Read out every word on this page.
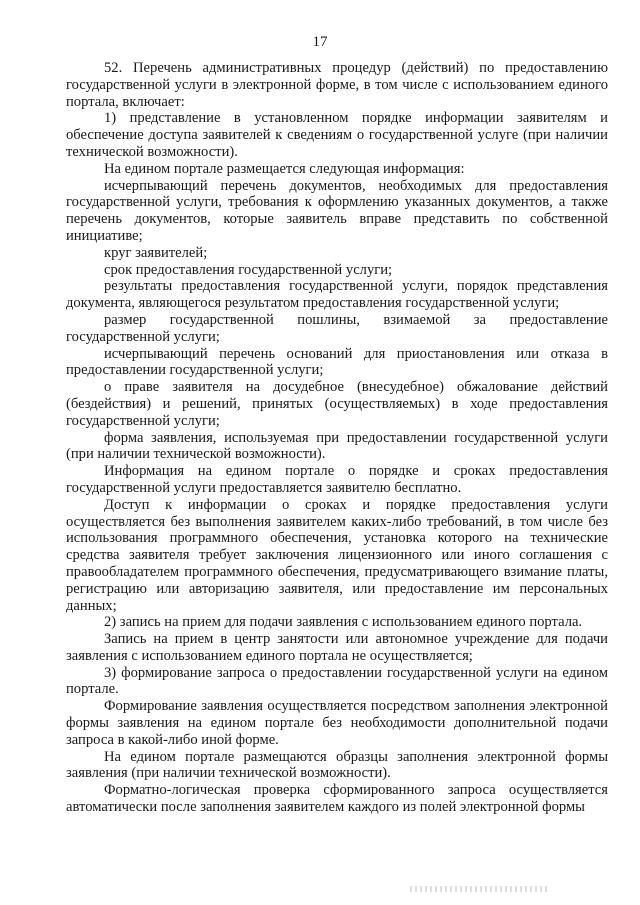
17

52. Перечень административных процедур (действий) по предоставлению государственной услуги в электронной форме, в том числе с использованием единого портала, включает:

1) представление в установленном порядке информации заявителям и обеспечение доступа заявителей к сведениям о государственной услуге (при наличии технической возможности).

На едином портале размещается следующая информация:

исчерпывающий перечень документов, необходимых для предоставления государственной услуги, требования к оформлению указанных документов, а также перечень документов, которые заявитель вправе представить по собственной инициативе;

круг заявителей;

срок предоставления государственной услуги;

результаты предоставления государственной услуги, порядок представления документа, являющегося результатом предоставления государственной услуги;

размер государственной пошлины, взимаемой за предоставление государственной услуги;

исчерпывающий перечень оснований для приостановления или отказа в предоставлении государственной услуги;

о праве заявителя на досудебное (внесудебное) обжалование действий (бездействия) и решений, принятых (осуществляемых) в ходе предоставления государственной услуги;

форма заявления, используемая при предоставлении государственной услуги (при наличии технической возможности).

Информация на едином портале о порядке и сроках предоставления государственной услуги предоставляется заявителю бесплатно.

Доступ к информации о сроках и порядке предоставления услуги осуществляется без выполнения заявителем каких-либо требований, в том числе без использования программного обеспечения, установка которого на технические средства заявителя требует заключения лицензионного или иного соглашения с правообладателем программного обеспечения, предусматривающего взимание платы, регистрацию или авторизацию заявителя, или предоставление им персональных данных;

2) запись на прием для подачи заявления с использованием единого портала.

Запись на прием в центр занятости или автономное учреждение для подачи заявления с использованием единого портала не осуществляется;

3) формирование запроса о предоставлении государственной услуги на едином портале.

Формирование заявления осуществляется посредством заполнения электронной формы заявления на едином портале без необходимости дополнительной подачи запроса в какой-либо иной форме.

На едином портале размещаются образцы заполнения электронной формы заявления (при наличии технической возможности).

Форматно-логическая проверка сформированного запроса осуществляется автоматически после заполнения заявителем каждого из полей электронной формы
